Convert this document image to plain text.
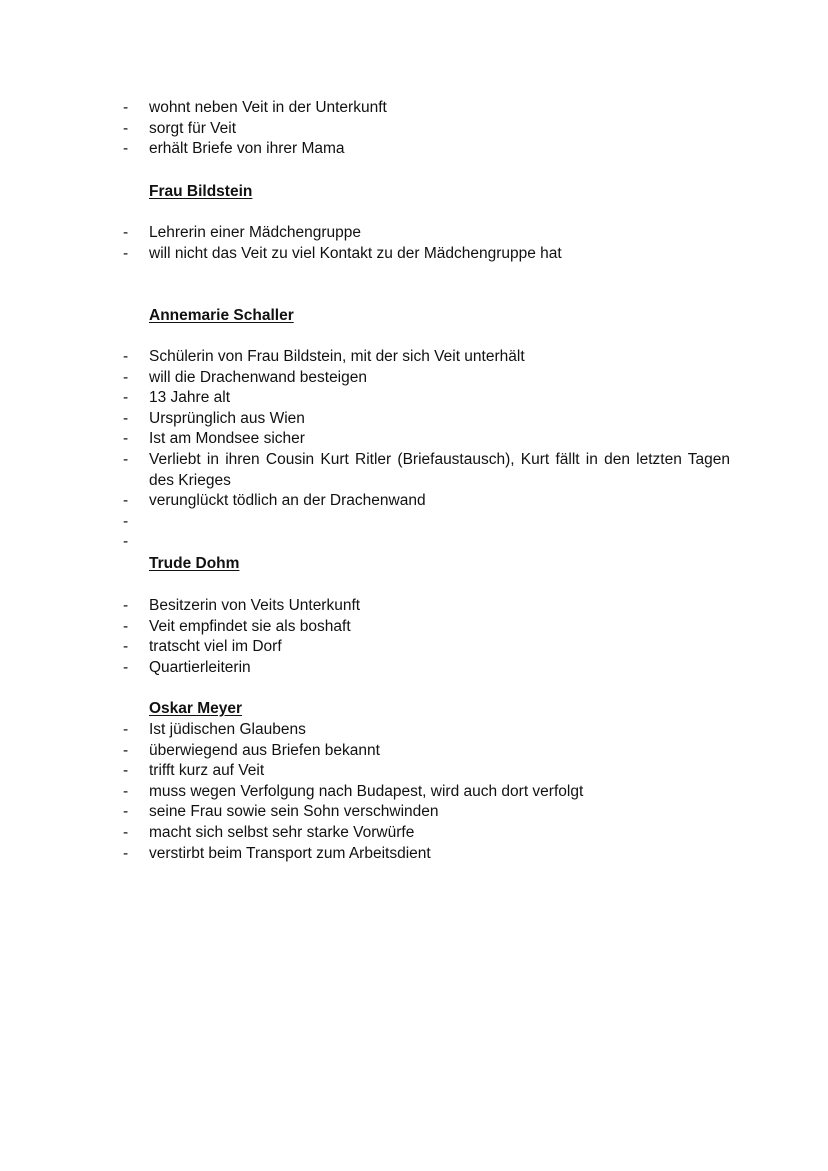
-	wohnt neben Veit in der Unterkunft
-	sorgt für Veit
-	erhält Briefe von ihrer Mama
Frau Bildstein
-	Lehrerin einer Mädchengruppe
-	will nicht das Veit zu viel Kontakt zu der Mädchengruppe hat
Annemarie Schaller
-	Schülerin von Frau Bildstein, mit der sich Veit unterhält
-	will die Drachenwand besteigen
-	13 Jahre alt
-	Ursprünglich aus Wien
-	Ist am Mondsee sicher
-	Verliebt in ihren Cousin Kurt Ritler (Briefaustausch), Kurt fällt in den letzten Tagen des Krieges
-	verunglückt tödlich an der Drachenwand
-

-

Trude Dohm
-	Besitzerin von Veits Unterkunft
-	Veit empfindet sie als boshaft
-	tratscht viel im Dorf
-	Quartierleiterin
Oskar Meyer
-	Ist jüdischen Glaubens
-	überwiegend aus Briefen bekannt
-	trifft kurz auf Veit
-	muss wegen Verfolgung nach Budapest, wird auch dort verfolgt
-	seine Frau sowie sein Sohn verschwinden
-	macht sich selbst sehr starke Vorwürfe
-	verstirbt beim Transport zum Arbeitsdient
